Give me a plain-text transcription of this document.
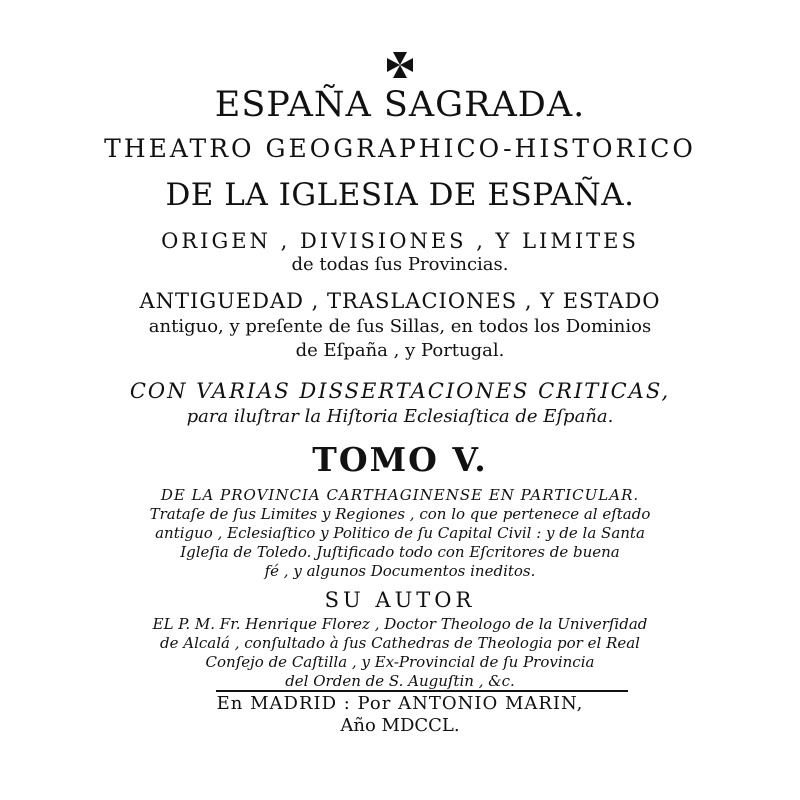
ESPAÑA SAGRADA.
THEATRO GEOGRAPHICO-HISTORICO
DE LA IGLESIA DE ESPAÑA.
ORIGEN , DIVISIONES , Y LIMITES
de todas ſus Provincias.
ANTIGUEDAD , TRASLACIONES , Y ESTADO
antiguo, y preſente de ſus Sillas, en todos los Dominios
de Eſpaña , y Portugal.
CON VARIAS DISSERTACIONES CRITICAS,
para iluſtrar la Hiſtoria Eclesiaſtica de Eſpaña.
TOMO V.
DE LA PROVINCIA CARTHAGINENSE EN PARTICULAR.
Trataſe de ſus Limites y Regiones , con lo que pertenece al eſtado
antiguo , Eclesiaſtico y Politico de ſu Capital Civil : y de la Santa
Igleſia de Toledo. Juſtificado todo con Eſcritores de buena
fé , y algunos Documentos ineditos.
SU AUTOR
EL P. M. Fr. Henrique Florez , Doctor Theologo de la Univerſidad
de Alcalá , conſultado à ſus Cathedras de Theologia por el Real
Conſejo de Caſtilla , y Ex-Provincial de ſu Provincia
del Orden de S. Auguſtin , &c.
En MADRID : Por ANTONIO MARIN,
Año MDCCL.
